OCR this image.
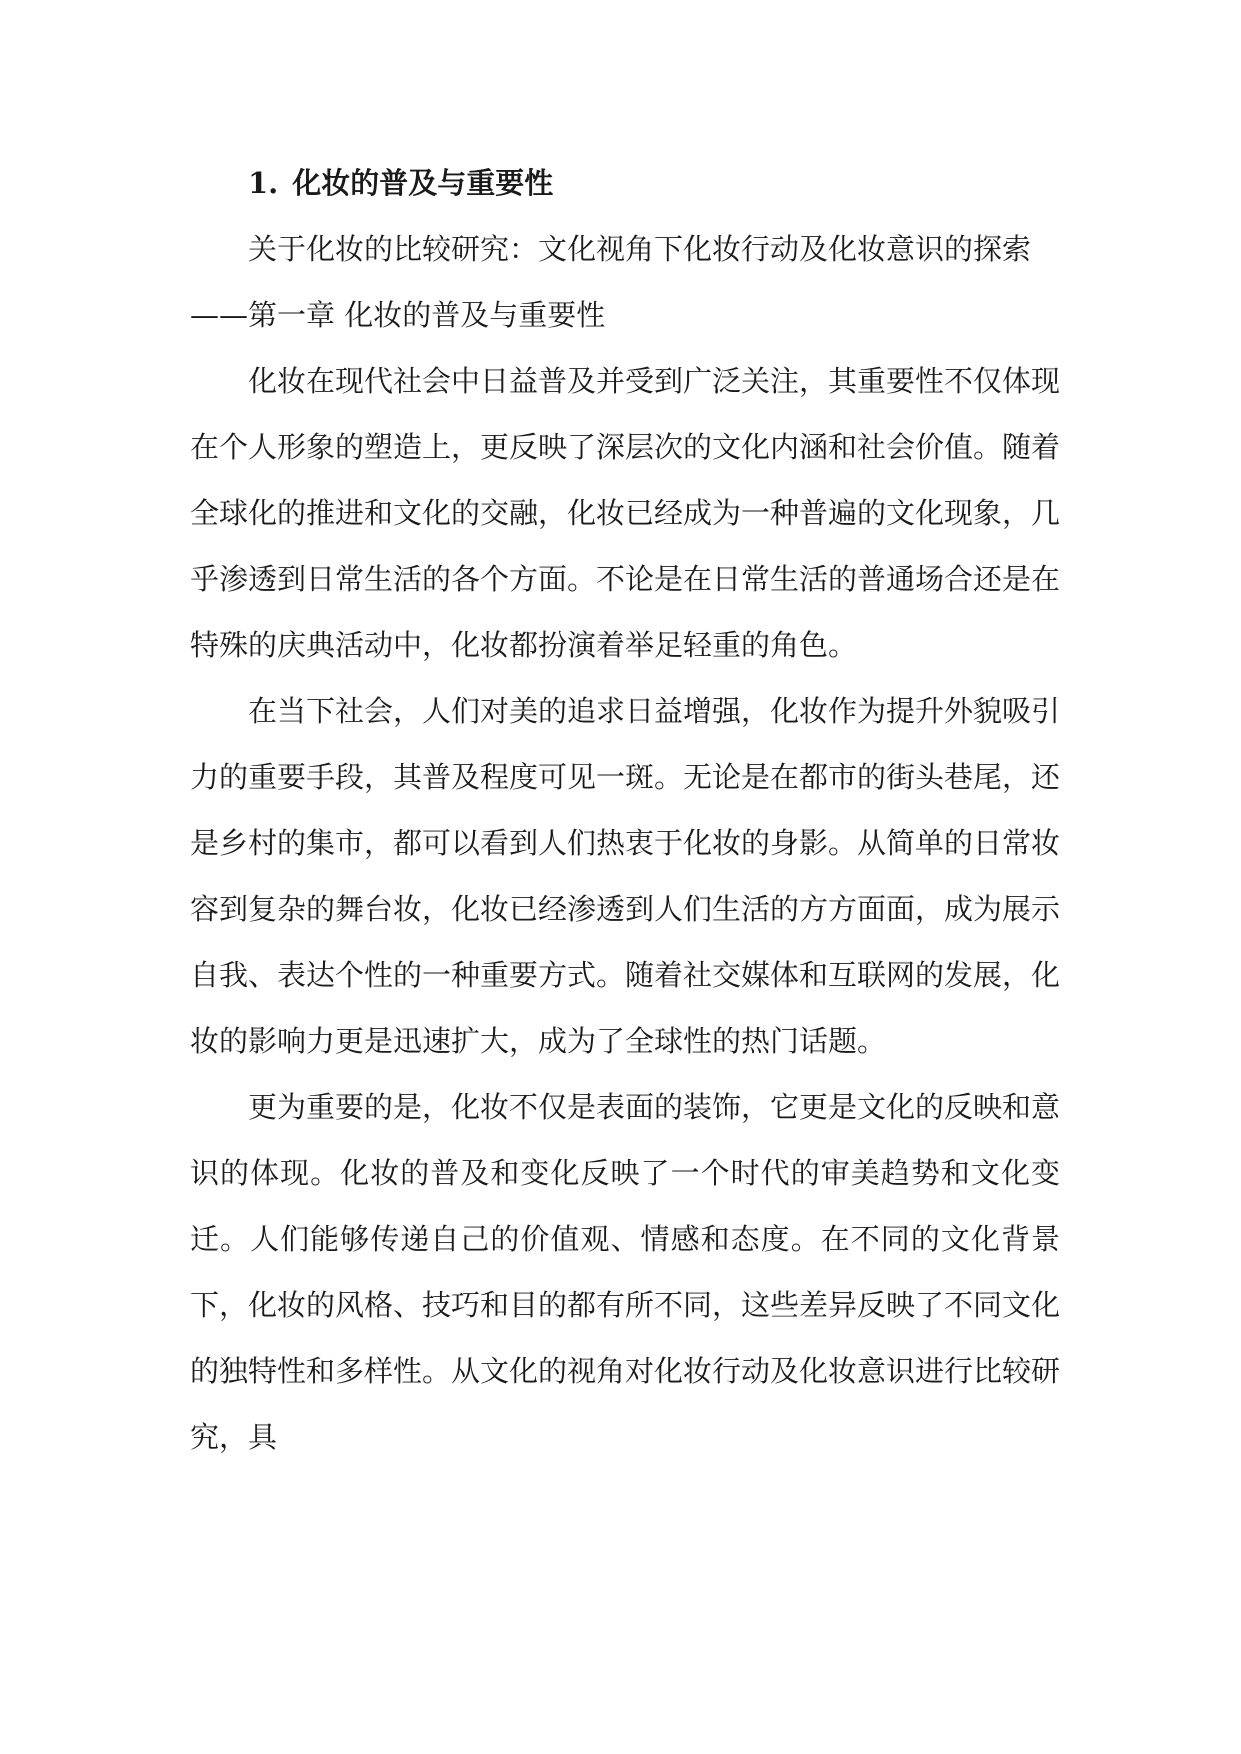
1. 化妆的普及与重要性
关于化妆的比较研究：文化视角下化妆行动及化妆意识的探索
——第一章 化妆的普及与重要性

化妆在现代社会中日益普及并受到广泛关注，其重要性不仅体现在个人形象的塑造上，更反映了深层次的文化内涵和社会价值。随着全球化的推进和文化的交融，化妆已经成为一种普遍的文化现象，几乎渗透到日常生活的各个方面。不论是在日常生活的普通场合还是在特殊的庆典活动中，化妆都扮演着举足轻重的角色。

在当下社会，人们对美的追求日益增强，化妆作为提升外貌吸引力的重要手段，其普及程度可见一斑。无论是在都市的街头巷尾，还是乡村的集市，都可以看到人们热衷于化妆的身影。从简单的日常妆容到复杂的舞台妆，化妆已经渗透到人们生活的方方面面，成为展示自我、表达个性的一种重要方式。随着社交媒体和互联网的发展，化妆的影响力更是迅速扩大，成为了全球性的热门话题。

更为重要的是，化妆不仅是表面的装饰，它更是文化的反映和意识的体现。化妆的普及和变化反映了一个时代的审美趋势和文化变迁。人们能够传递自己的价值观、情感和态度。在不同的文化背景下，化妆的风格、技巧和目的都有所不同，这些差异反映了不同文化的独特性和多样性。从文化的视角对化妆行动及化妆意识进行比较研究，具
